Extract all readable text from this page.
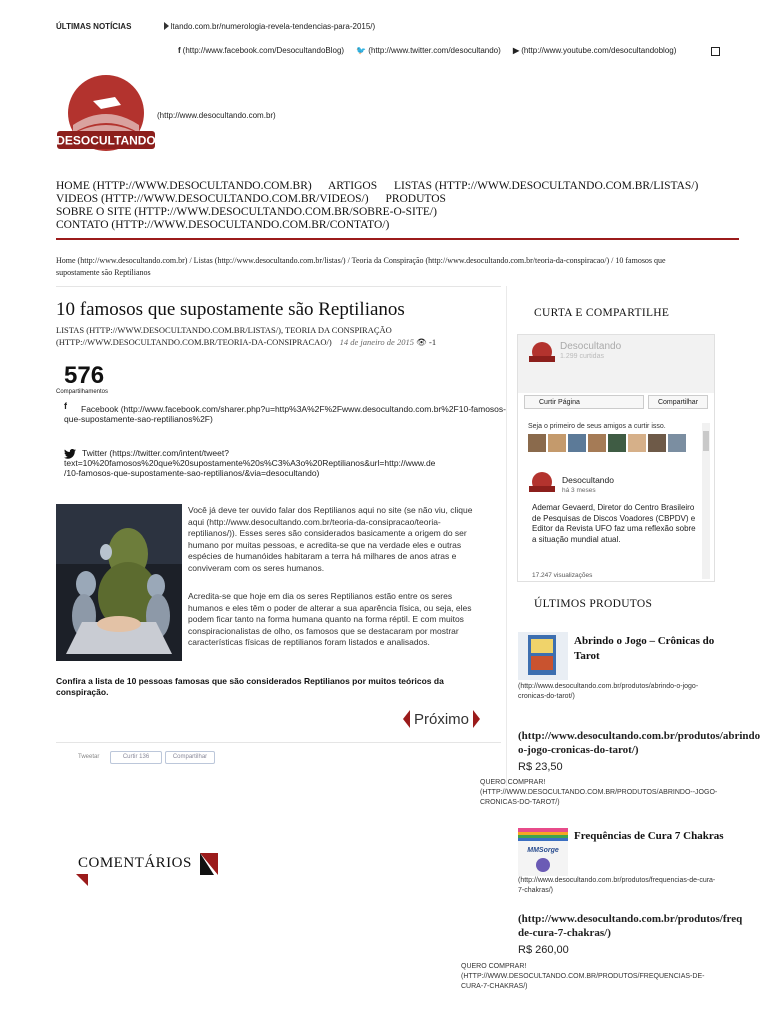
ÚLTIMAS NOTÍCIAS	ltando.com.br/numerologia-revela-tendencias-para-2015/)
f (http://www.facebook.com/DesocultandoBlog) 🐦 (http://www.twitter.com/desocultando) ▶ (http://www.youtube.com/desocultandoblog)
DESOCULTANDO
(http://www.desocultando.com.br)
HOME (HTTP://WWW.DESOCULTANDO.COM.BR) ARTIGOS LISTAS (HTTP://WWW.DESOCULTANDO.COM.BR/LISTAS/)
VIDEOS (HTTP://WWW.DESOCULTANDO.COM.BR/VIDEOS/) PRODUTOS
SOBRE O SITE (HTTP://WWW.DESOCULTANDO.COM.BR/SOBRE-O-SITE/)
CONTATO (HTTP://WWW.DESOCULTANDO.COM.BR/CONTATO/)
Home (http://www.desocultando.com.br) / Listas (http://www.desocultando.com.br/listas/) / Teoria da Conspiração (http://www.desocultando.com.br/teoria-da-conspiracao/) / 10 famosos que supostamente são Reptilianos
10 famosos que supostamente são Reptilianos
LISTAS (HTTP://WWW.DESOCULTANDO.COM.BR/LISTAS/), TEORIA DA CONSPIRAÇÃO (HTTP://WWW.DESOCULTANDO.COM.BR/TEORIA-DA-CONSIPRACAO/) 14 de janeiro de 2015 👁 -1
576
Compartilhamentos
f	Facebook (http://www.facebook.com/sharer.php?u=http%3A%2F%2Fwww.desocultando.com.br%2F10-famosos-que-supostamente-sao-reptilianos%2F)
Twitter (https://twitter.com/intent/tweet?
text=10%20famosos%20que%20supostamente%20s%C3%A3o%20Reptilianos&url=http://www.de
/10-famosos-que-supostamente-sao-reptilianos/&via=desocultando)
Você já deve ter ouvido falar dos Reptilianos aqui no site (se não viu, clique aqui (http://www.desocultando.com.br/teoria-da-consipracao/teoria-reptilianos/)). Esses seres são considerados basicamente a origem do ser humano por muitas pessoas, e acredita-se que na verdade eles e outras espécies de humanóides habitaram a terra há milhares de anos atras e conviveram com os seres humanos.
Acredita-se que hoje em dia os seres Reptilianos estão entre os seres humanos e eles têm o poder de alterar a sua aparência física, ou seja, eles podem ficar tanto na forma humana quanto na forma réptil. E com muitos conspiracionalistas de olho, os famosos que se destacaram por mostrar características físicas de reptilianos foram listados e analisados.
Confira a lista de 10 pessoas famosas que são considerados Reptilianos por muitos teóricos da conspiração.
Próximo
Tweetar	Curtir 136	Compartilhar
COMENTÁRIOS
CURTA E COMPARTILHE
Desocultando
1.299 curtidas
Curtir Página	Compartilhar
Seja o primeiro de seus amigos a curtir isso.
Desocultando
há 3 meses
Ademar Gevaerd, Diretor do Centro Brasileiro de Pesquisas de Discos Voadores (CBPDV) e Editor da Revista UFO faz uma reflexão sobre a situação mundial atual.
17.247 visualizações
ÚLTIMOS PRODUTOS
Abrindo o Jogo – Crônicas do Tarot
(http://www.desocultando.com.br/produtos/abrindo-o-jogo-cronicas-do-tarot/)
(http://www.desocultando.com.br/produtos/abrindo
o-jogo-cronicas-do-tarot/)
R$ 23,50
QUERO COMPRAR! (HTTP://WWW.DESOCULTANDO.COM.BR/PRODUTOS/ABRINDO--JOGO-CRONICAS-DO-TAROT/)
MMSorge
Frequências de Cura 7 Chakras
(http://www.desocultando.com.br/produtos/frequencias-de-cura-7-chakras/)
(http://www.desocultando.com.br/produtos/freq
de-cura-7-chakras/)
R$ 260,00
QUERO COMPRAR! (HTTP://WWW.DESOCULTANDO.COM.BR/PRODUTOS/FREQUENCIAS-DE-CURA-7-CHAKRAS/)
